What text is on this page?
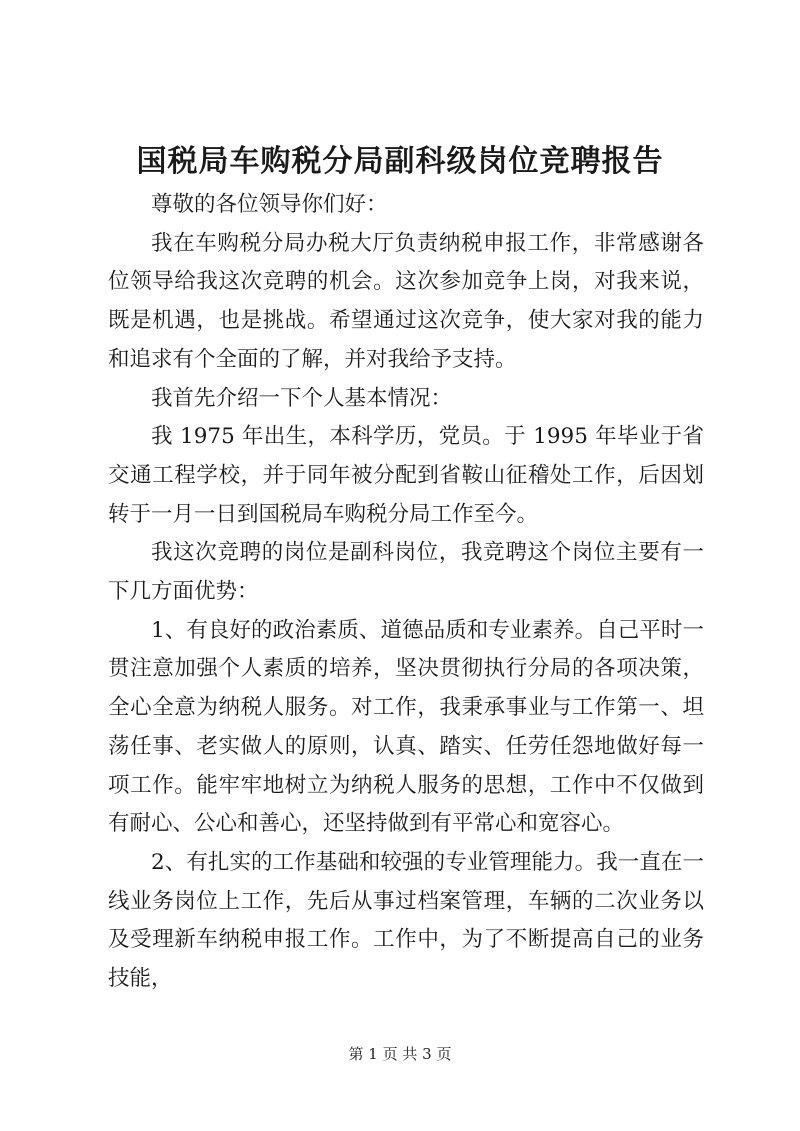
国税局车购税分局副科级岗位竞聘报告

尊敬的各位领导你们好：

我在车购税分局办税大厅负责纳税申报工作，非常感谢各位领导给我这次竞聘的机会。这次参加竞争上岗，对我来说，既是机遇，也是挑战。希望通过这次竞争，使大家对我的能力和追求有个全面的了解，并对我给予支持。

我首先介绍一下个人基本情况：

我 1975 年出生，本科学历，党员。于 1995 年毕业于省交通工程学校，并于同年被分配到省鞍山征稽处工作，后因划转于一月一日到国税局车购税分局工作至今。

我这次竞聘的岗位是副科岗位，我竞聘这个岗位主要有一下几方面优势：

1、有良好的政治素质、道德品质和专业素养。自己平时一贯注意加强个人素质的培养，坚决贯彻执行分局的各项决策，全心全意为纳税人服务。对工作，我秉承事业与工作第一、坦荡任事、老实做人的原则，认真、踏实、任劳任怨地做好每一项工作。能牢牢地树立为纳税人服务的思想，工作中不仅做到有耐心、公心和善心，还坚持做到有平常心和宽容心。

2、有扎实的工作基础和较强的专业管理能力。我一直在一线业务岗位上工作，先后从事过档案管理，车辆的二次业务以及受理新车纳税申报工作。工作中，为了不断提高自己的业务技能，

第 1 页 共 3 页
